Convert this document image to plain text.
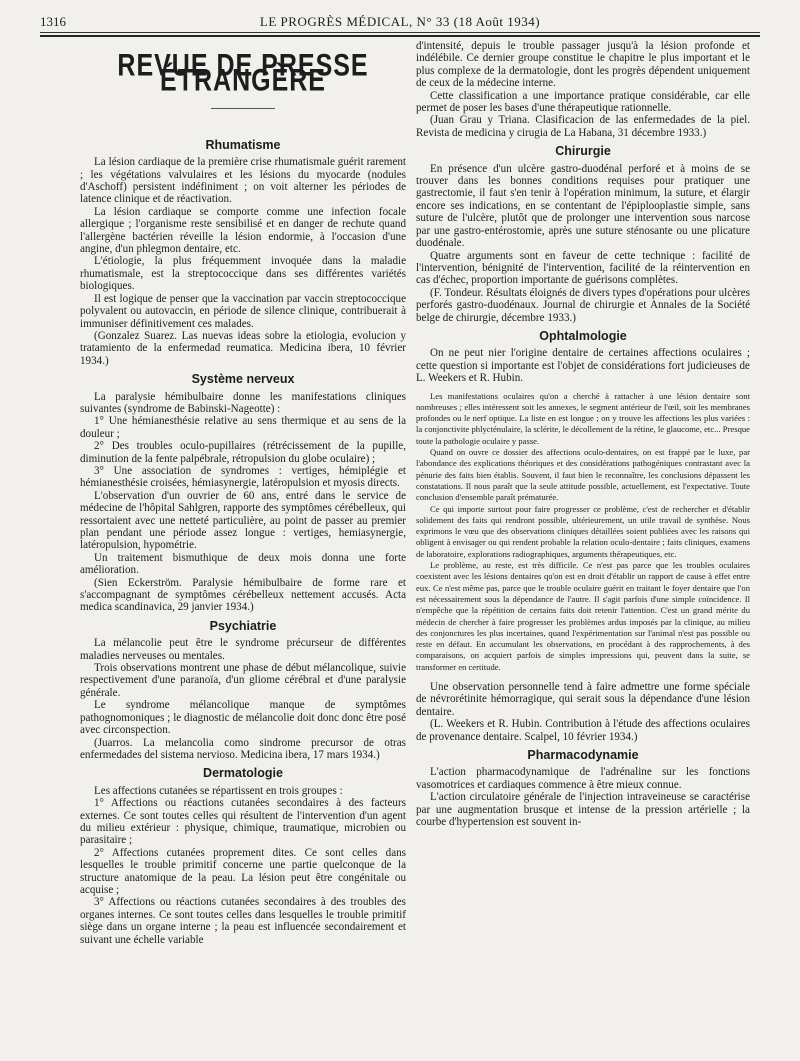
1316	LE PROGRÈS MÉDICAL, N° 33 (18 Août 1934)
REVUE DE PRESSE ÉTRANGÈRE
Rhumatisme

La lésion cardiaque de la première crise rhumatismale guérit rarement ; les végétations valvulaires et les lésions du myocarde (nodules d'Aschoff) persistent indéfiniment ; on voit alterner les périodes de latence clinique et de réactivation.

La lésion cardiaque se comporte comme une infection focale allergique ; l'organisme reste sensibilisé et en danger de rechute quand l'allergène bactérien réveille la lésion endormie, à l'occasion d'une angine, d'un phlegmon dentaire, etc.

L'étiologie, la plus fréquemment invoquée dans la maladie rhumatismale, est la streptococcique dans ses différentes variétés biologiques.

Il est logique de penser que la vaccination par vaccin streptococcique polyvalent ou autovaccin, en période de silence clinique, contribuerait à immuniser définitivement ces malades.

(Gonzalez Suarez. Las nuevas ideas sobre la etiologia, evolucion y tratamiento de la enfermedad reumatica. Medicina ibera, 10 février 1934.)

Système nerveux

La paralysie hémibulbaire donne les manifestations cliniques suivantes (syndrome de Babinski-Nageotte) :

1° Une hémianesthésie relative au sens thermique et au sens de la douleur ;

2° Des troubles oculo-pupillaires (rétrécissement de la pupille, diminution de la fente palpébrale, rétropulsion du globe oculaire) ;

3° Une association de syndromes : vertiges, hémiplégie et hémianesthésie croisées, hémiasynergie, latéropulsion et myosis directs.

L'observation d'un ouvrier de 60 ans, entré dans le service de médecine de l'hôpital Sahlgren, rapporte des symptômes cérébelleux, qui ressortaient avec une netteté particulière, au point de passer au premier plan pendant une période assez longue : vertiges, hemiasynergie, latéropulsion, hypométrie.

Un traitement bismuthique de deux mois donna une forte amélioration.

(Sien Eckerström. Paralysie hémibulbaire de forme rare et s'accompagnant de symptômes cérébelleux nettement accusés. Acta medica scandinavica, 29 janvier 1934.)

Psychiatrie

La mélancolie peut être le syndrome précurseur de différentes maladies nerveuses ou mentales.

Trois observations montrent une phase de début mélancolique, suivie respectivement d'une paranoïa, d'un gliome cérébral et d'une paralysie générale.

Le syndrome mélancolique manque de symptômes pathognomoniques ; le diagnostic de mélancolie doit donc donc être posé avec circonspection.

(Juarros. La melancolia como sindrome precursor de otras enfermedades del sistema nervioso. Medicina ibera, 17 mars 1934.)

Dermatologie

Les affections cutanées se répartissent en trois groupes :

1° Affections ou réactions cutanées secondaires à des facteurs externes. Ce sont toutes celles qui résultent de l'intervention d'un agent du milieu extérieur : physique, chimique, traumatique, microbien ou parasitaire ;

2° Affections cutanées proprement dites. Ce sont celles dans lesquelles le trouble primitif concerne une partie quelconque de la structure anatomique de la peau. La lésion peut être congénitale ou acquise ;

3° Affections ou réactions cutanées secondaires à des troubles des organes internes. Ce sont toutes celles dans lesquelles le trouble primitif siège dans un organe interne ; la peau est influencée secondairement et suivant une échelle variable

d'intensité, depuis le trouble passager jusqu'à la lésion profonde et indélébile. Ce dernier groupe constitue le chapitre le plus important et le plus complexe de la dermatologie, dont les progrès dépendent uniquement de ceux de la médecine interne.

Cette classification a une importance pratique considérable, car elle permet de poser les bases d'une thérapeutique rationnelle.

(Juan Grau y Triana. Clasificacion de las enfermedades de la piel. Revista de medicina y cirugia de La Habana, 31 décembre 1933.)

Chirurgie

En présence d'un ulcère gastro-duodénal perforé et à moins de se trouver dans les bonnes conditions requises pour pratiquer une gastrectomie, il faut s'en tenir à l'opération minimum, la suture, et élargir encore ses indications, en se contentant de l'épiplooplastie simple, sans suture de l'ulcère, plutôt que de prolonger une intervention sous narcose par une gastro-entérostomie, après une suture sténosante ou une plicature duodénale.

Quatre arguments sont en faveur de cette technique : facilité de l'intervention, bénignité de l'intervention, facilité de la réintervention en cas d'échec, proportion importante de guérisons complètes.

(F. Tondeur. Résultats éloignés de divers types d'opérations pour ulcères perforés gastro-duodénaux. Journal de chirurgie et Annales de la Société belge de chirurgie, décembre 1933.)

Ophtalmologie

On ne peut nier l'origine dentaire de certaines affections oculaires ; cette question si importante est l'objet de considérations fort judicieuses de L. Weekers et R. Hubin.

Les manifestations oculaires qu'on a cherché à rattacher à une lésion dentaire sont nombreuses ; elles intéressent soit les annexes, le segment antérieur de l'œil, soit les membranes profondes ou le nerf optique. La liste en est longue ; on y trouve les affections les plus variées : la conjonctivite phlycténulaire, la sclérite, le décollement de la rétine, le glaucome, etc... Presque toute la pathologie oculaire y passe.

Quand on ouvre ce dossier des affections oculo-dentaires, on est frappé par le luxe, par l'abondance des explications théoriques et des considérations pathogéniques contrastant avec la pénurie des faits bien établis. Souvent, il faut bien le reconnaître, les conclusions dépassent les constatations. Il nous paraît que la seule attitude possible, actuellement, est l'expectative. Toute conclusion d'ensemble paraît prématurée.

Ce qui importe surtout pour faire progresser ce problème, c'est de rechercher et d'établir solidement des faits qui rendront possible, ultérieurement, un utile travail de synthèse. Nous exprimons le vœu que des observations cliniques détaillées soient publiées avec les raisons qui obligent à envisager ou qui rendent probable la relation oculo-dentaire ; faits cliniques, examens de laboratoire, explorations radiographiques, arguments thérapeutiques, etc.

Le problème, au reste, est très difficile. Ce n'est pas parce que les troubles oculaires coexistent avec les lésions dentaires qu'on est en droit d'établir un rapport de cause à effet entre eux. Ce n'est même pas, parce que le trouble oculaire guérit en traitant le foyer dentaire que l'on est nécessairement sous la dépendance de l'autre. Il s'agit parfois d'une simple coïncidence. Il n'empêche que la répétition de certains faits doit retenir l'attention. C'est un grand mérite du médecin de chercher à faire progresser les problèmes ardus imposés par la clinique, au milieu des conjonctures les plus incertaines, quand l'expérimentation sur l'animal n'est pas possible ou reste en défaut. En accumulant les observations, en procédant à des rapprochements, à des comparaisons, on acquiert parfois de simples impressions qui, peuvent dans la suite, se transformer en certitude.

Une observation personnelle tend à faire admettre une forme spéciale de névrorétinite hémorragique, qui serait sous la dépendance d'une lésion dentaire.

(L. Weekers et R. Hubin. Contribution à l'étude des affections oculaires de provenance dentaire. Scalpel, 10 février 1934.)

Pharmacodynamie

L'action pharmacodynamique de l'adrénaline sur les fonctions vasomotrices et cardiaques commence à être mieux connue.

L'action circulatoire générale de l'injection intraveineuse se caractérise par une augmentation brusque et intense de la pression artérielle ; la courbe d'hypertension est souvent in-
